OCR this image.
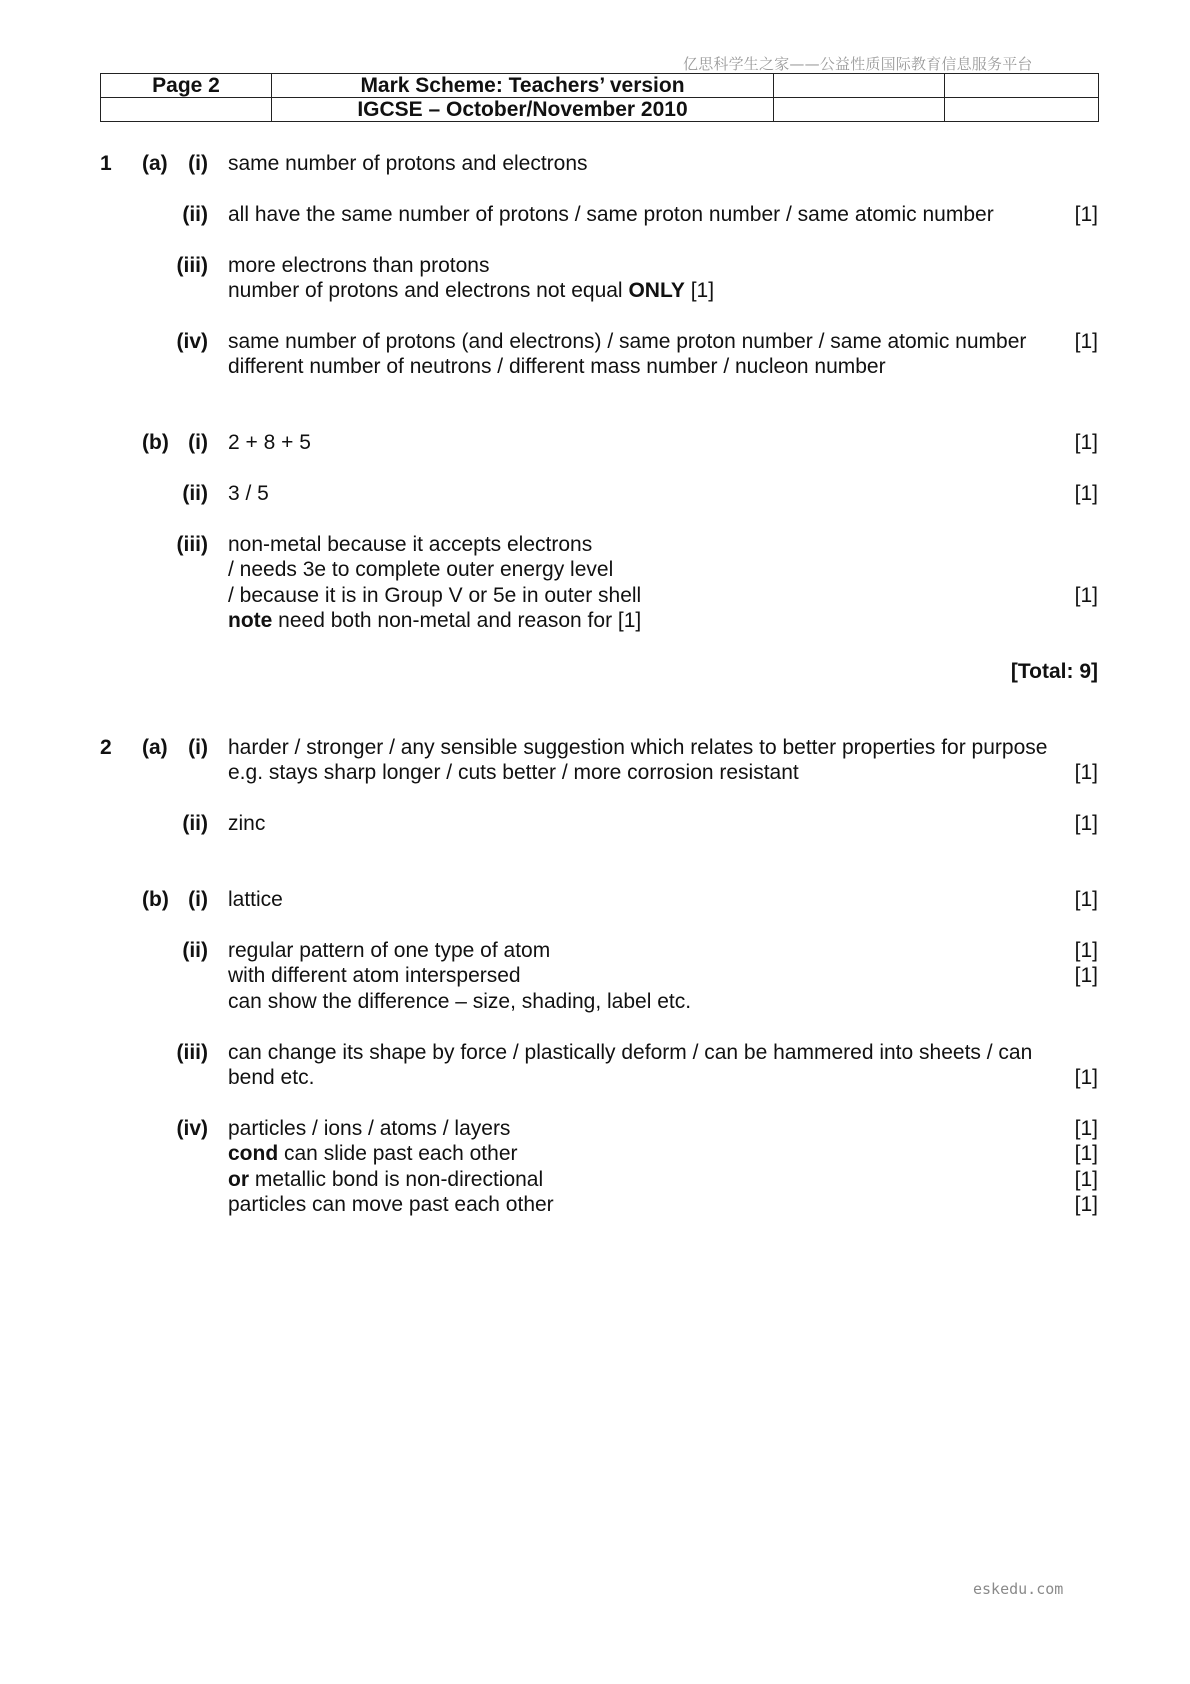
亿思科学生之家——公益性质国际教育信息服务平台
Page 2	Mark Scheme: Teachers’ version		
	IGCSE – October/November 2010		
1 (a) (i) same number of protons and electrons
(ii) all have the same number of protons / same proton number / same atomic number	[1]
(iii) more electrons than protons
number of protons and electrons not equal ONLY [1]
(iv) same number of protons (and electrons) / same proton number / same atomic number [1]
different number of neutrons / different mass number / nucleon number
(b) (i) 2 + 8 + 5	[1]
(ii) 3 / 5	[1]
(iii) non-metal because it accepts electrons
/ needs 3e to complete outer energy level
/ because it is in Group V or 5e in outer shell	[1]
note need both non-metal and reason for [1]
[Total: 9]
2 (a) (i) harder / stronger / any sensible suggestion which relates to better properties for purpose
e.g. stays sharp longer / cuts better / more corrosion resistant	[1]
(ii) zinc	[1]
(b) (i) lattice	[1]
(ii) regular pattern of one type of atom	[1]
with different atom interspersed	[1]
can show the difference – size, shading, label etc.
(iii) can change its shape by force / plastically deform / can be hammered into sheets / can
bend etc.	[1]
(iv) particles / ions / atoms / layers	[1]
cond can slide past each other	[1]
or metallic bond is non-directional	[1]
particles can move past each other	[1]
eskedu.com
